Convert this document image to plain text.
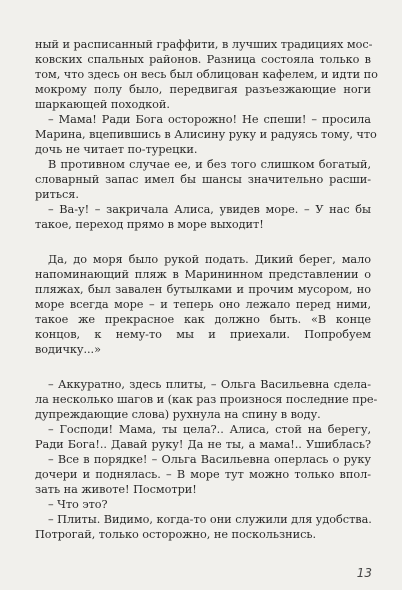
ный и расписанный граффити, в лучших традициях мос-
ковских спальных районов. Разница состояла только в
том, что здесь он весь был облицован кафелем, и идти по
мокрому полу было, передвигая разъезжающие ноги
шаркающей походкой.
– Мама! Ради Бога осторожно! Не спеши! – просила
Марина, вцепившись в Алисину руку и радуясь тому, что
дочь не читает по-турецки.
В противном случае ее, и без того слишком богатый,
словарный запас имел бы шансы значительно расши-
риться.
– Ва-у! – закричала Алиса, увидев море. – У нас бы
такое, переход прямо в море выходит!
Да, до моря было рукой подать. Дикий берег, мало
напоминающий пляж в Марининном представлении о
пляжах, был завален бутылками и прочим мусором, но
море всегда море – и теперь оно лежало перед ними,
такое же прекрасное как должно быть. «В конце
концов, к нему-то мы и приехали. Попробуем
водичку...»
– Аккуратно, здесь плиты, – Ольга Васильевна сдела-
ла несколько шагов и (как раз произнося последние пре-
дупреждающие слова) рухнула на спину в воду.
– Господи! Мама, ты цела?.. Алиса, стой на берегу,
Ради Бога!.. Давай руку! Да не ты, а мама!.. Ушиблась?
– Все в порядке! – Ольга Васильевна оперлась о руку
дочери и поднялась. – В море тут можно только впол-
зать на животе! Посмотри!
– Что это?
– Плиты. Видимо, когда-то они служили для удобства.
Потрогай, только осторожно, не поскользнись.
13
